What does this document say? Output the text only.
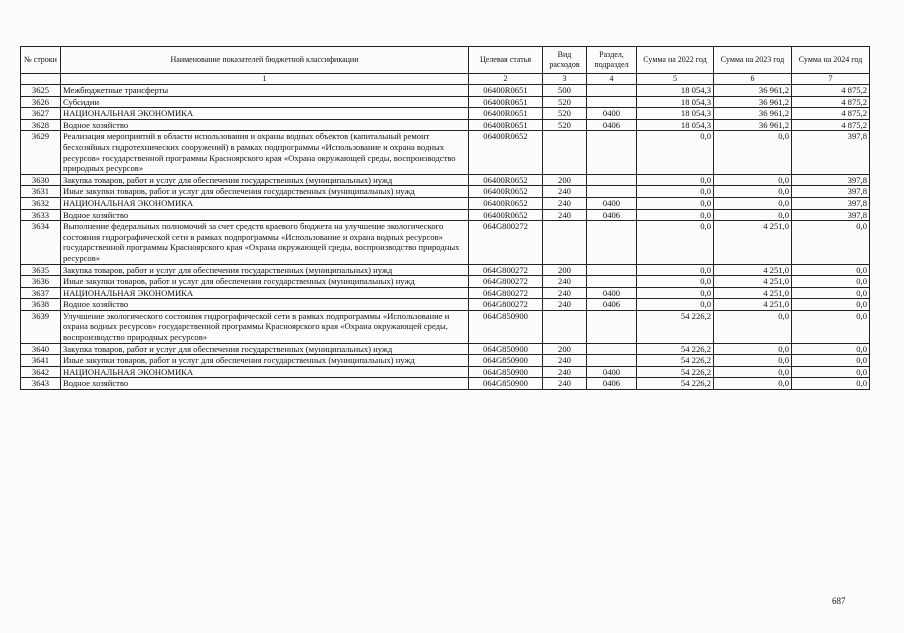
№ строки	Наименование показателей бюджетной классификации	Целевая статья	Вид расходов	Раздел, подраздел	Сумма на 2022 год	Сумма на 2023 год	Сумма на 2024 год
	1	2	3	4	5	6	7
3625	Межбюджетные трансферты	06400R0651	500		18 054,3	36 961,2	4 875,2
3626	Субсидии	06400R0651	520		18 054,3	36 961,2	4 875,2
3627	НАЦИОНАЛЬНАЯ ЭКОНОМИКА	06400R0651	520	0400	18 054,3	36 961,2	4 875,2
3628	Водное хозяйство	06400R0651	520	0406	18 054,3	36 961,2	4 875,2
3629	Реализация мероприятий в области использования и охраны водных объектов (капитальный ремонт бесхозяйных гидротехнических сооружений) в рамках подпрограммы «Использование и охрана водных ресурсов» государственной программы Красноярского края «Охрана окружающей среды, воспроизводство природных ресурсов»	06400R0652			0,0	0,0	397,8
3630	Закупка товаров, работ и услуг для обеспечения государственных (муниципальных) нужд	06400R0652	200		0,0	0,0	397,8
3631	Иные закупки товаров, работ и услуг для обеспечения государственных (муниципальных) нужд	06400R0652	240		0,0	0,0	397,8
3632	НАЦИОНАЛЬНАЯ ЭКОНОМИКА	06400R0652	240	0400	0,0	0,0	397,8
3633	Водное хозяйство	06400R0652	240	0406	0,0	0,0	397,8
3634	Выполнение федеральных полномочий за счет средств краевого бюджета на улучшение экологического состояния гидрографической сети в рамках подпрограммы «Использование и охрана водных ресурсов» государственной программы Красноярского края «Охрана окружающей среды, воспроизводство природных ресурсов»	064G800272			0,0	4 251,0	0,0
3635	Закупка товаров, работ и услуг для обеспечения государственных (муниципальных) нужд	064G800272	200		0,0	4 251,0	0,0
3636	Иные закупки товаров, работ и услуг для обеспечения государственных (муниципальных) нужд	064G800272	240		0,0	4 251,0	0,0
3637	НАЦИОНАЛЬНАЯ ЭКОНОМИКА	064G800272	240	0400	0,0	4 251,0	0,0
3638	Водное хозяйство	064G800272	240	0406	0,0	4 251,0	0,0
3639	Улучшение экологического состояния гидрографической сети в рамках подпрограммы «Использование и охрана водных ресурсов» государственной программы Красноярского края «Охрана окружающей среды, воспроизводство природных ресурсов»	064G850900			54 226,2	0,0	0,0
3640	Закупка товаров, работ и услуг для обеспечения государственных (муниципальных) нужд	064G850900	200		54 226,2	0,0	0,0
3641	Иные закупки товаров, работ и услуг для обеспечения государственных (муниципальных) нужд	064G850900	240		54 226,2	0,0	0,0
3642	НАЦИОНАЛЬНАЯ ЭКОНОМИКА	064G850900	240	0400	54 226,2	0,0	0,0
3643	Водное хозяйство	064G850900	240	0406	54 226,2	0,0	0,0
687
